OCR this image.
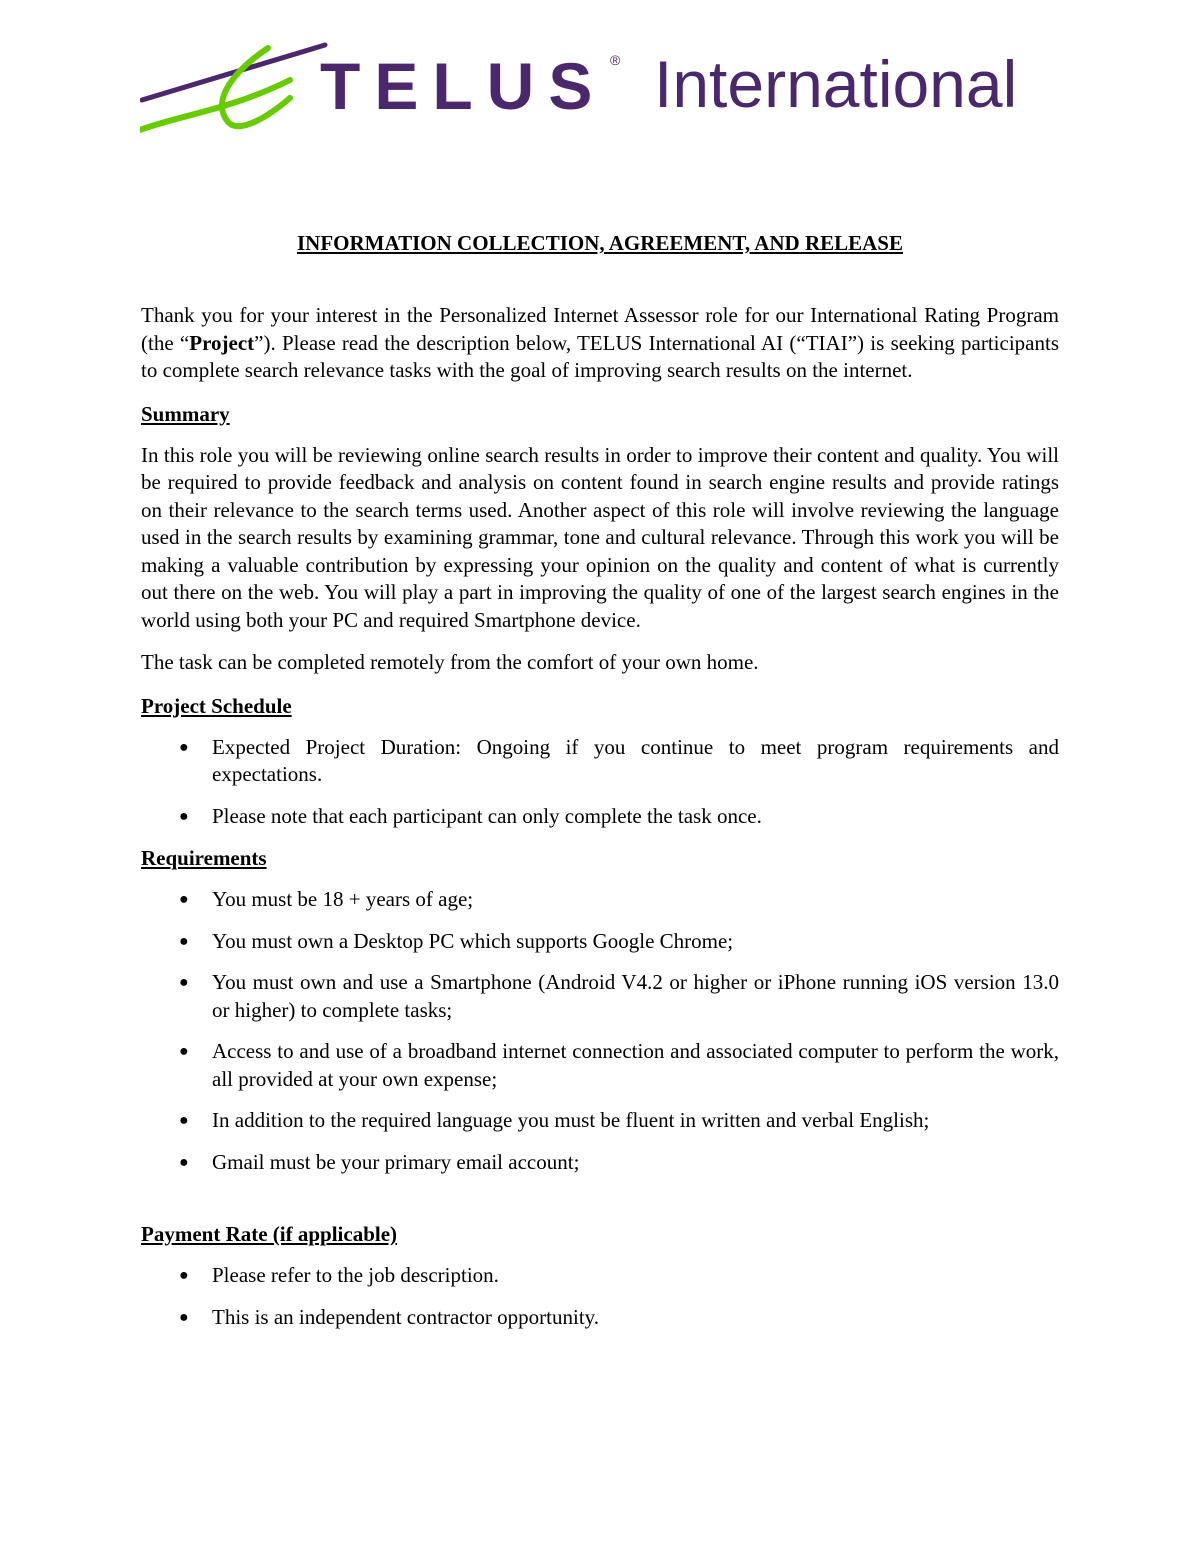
TELUS ® International
INFORMATION COLLECTION, AGREEMENT, AND RELEASE

Thank you for your interest in the Personalized Internet Assessor role for our International Rating Program (the “Project”). Please read the description below, TELUS International AI (“TIAI”) is seeking participants to complete search relevance tasks with the goal of improving search results on the internet.

Summary

In this role you will be reviewing online search results in order to improve their content and quality. You will be required to provide feedback and analysis on content found in search engine results and provide ratings on their relevance to the search terms used. Another aspect of this role will involve reviewing the language used in the search results by examining grammar, tone and cultural relevance. Through this work you will be making a valuable contribution by expressing your opinion on the quality and content of what is currently out there on the web. You will play a part in improving the quality of one of the largest search engines in the world using both your PC and required Smartphone device.

The task can be completed remotely from the comfort of your own home.

Project Schedule
● Expected Project Duration: Ongoing if you continue to meet program requirements and expectations.
● Please note that each participant can only complete the task once.
Requirements
● You must be 18 + years of age;
● You must own a Desktop PC which supports Google Chrome;
● You must own and use a Smartphone (Android V4.2 or higher or iPhone running iOS version 13.0 or higher) to complete tasks;
● Access to and use of a broadband internet connection and associated computer to perform the work, all provided at your own expense;
● In addition to the required language you must be fluent in written and verbal English;
● Gmail must be your primary email account;
Payment Rate (if applicable)
● Please refer to the job description.
● This is an independent contractor opportunity.
